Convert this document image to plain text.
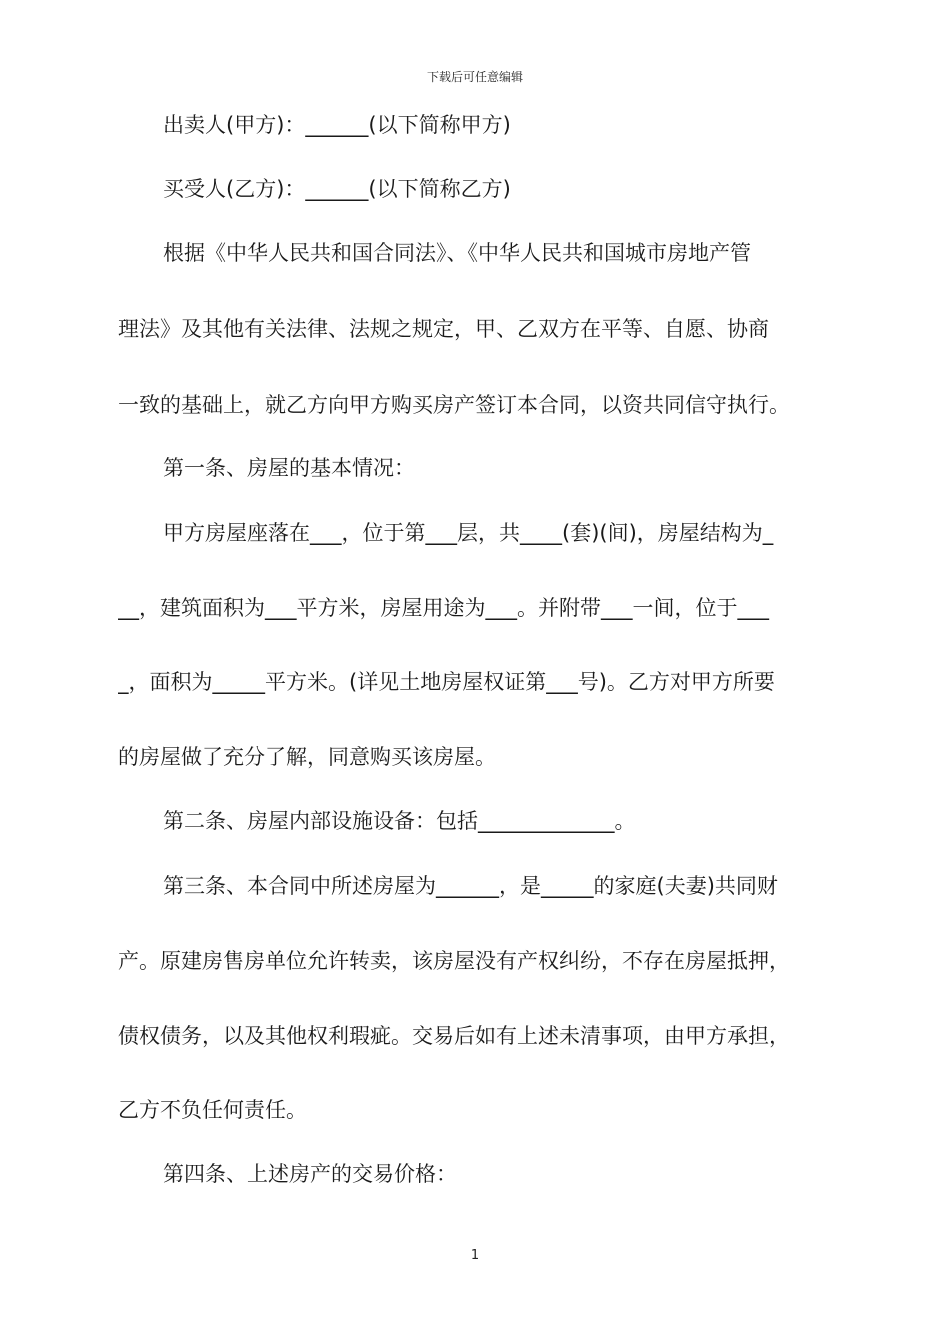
下载后可任意编辑
出卖人(甲方)：______(以下简称甲方)
买受人(乙方)：______(以下简称乙方)
根据《中华人民共和国合同法》、《中华人民共和国城市房地产管
理法》及其他有关法律、法规之规定，甲、乙双方在平等、自愿、协商
一致的基础上，就乙方向甲方购买房产签订本合同，以资共同信守执行。
第一条、房屋的基本情况：
甲方房屋座落在___，位于第___层，共____(套)(间)，房屋结构为_
__，建筑面积为___平方米，房屋用途为___。并附带___一间，位于___
_，面积为_____平方米。(详见土地房屋权证第___号)。乙方对甲方所要
的房屋做了充分了解，同意购买该房屋。
第二条、房屋内部设施设备：包括_____________。
第三条、本合同中所述房屋为______，是_____的家庭(夫妻)共同财
产。原建房售房单位允许转卖，该房屋没有产权纠纷，不存在房屋抵押，
债权债务，以及其他权利瑕疵。交易后如有上述未清事项，由甲方承担，
乙方不负任何责任。
第四条、上述房产的交易价格：
1
